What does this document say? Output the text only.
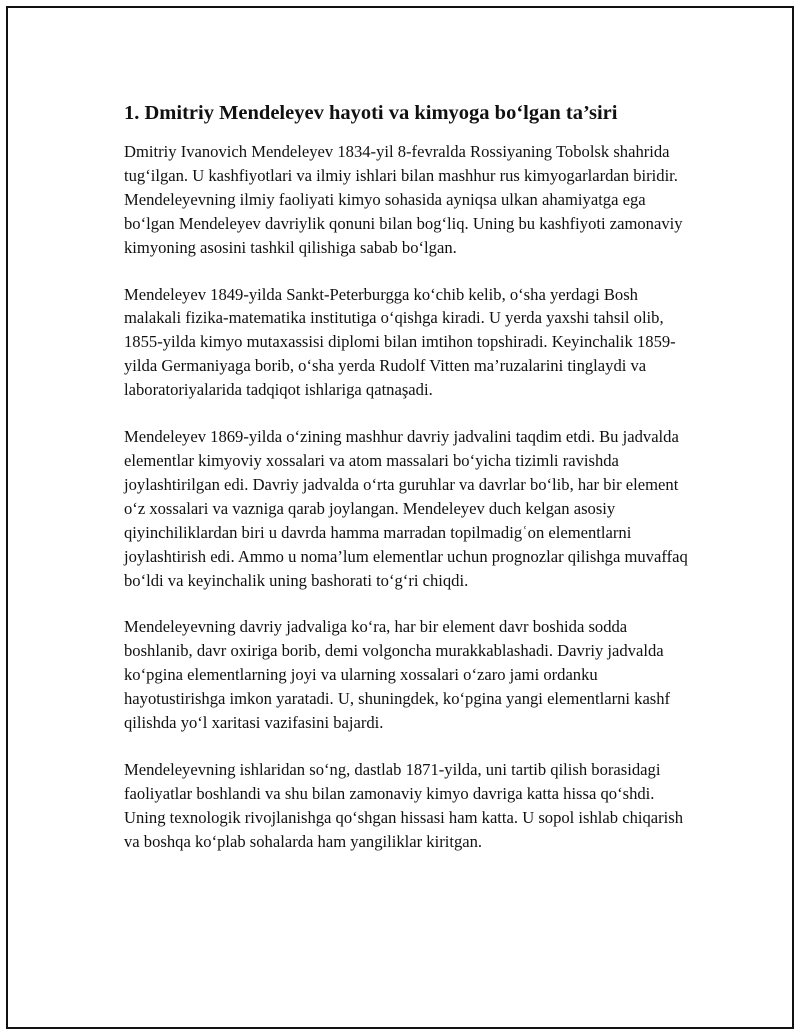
1. Dmitriy Mendeleyev hayoti va kimyoga bo‘lgan ta’siri

Dmitriy Ivanovich Mendeleyev 1834-yil 8-fevralda Rossiyaning Tobolsk shahrida tug‘ilgan. U kashfiyotlari va ilmiy ishlari bilan mashhur rus kimyogarlardan biridir. Mendeleyevning ilmiy faoliyati kimyo sohasida ayniqsa ulkan ahamiyatga ega bo‘lgan Mendeleyev davriylik qonuni bilan bog‘liq. Uning bu kashfiyoti zamonaviy kimyoning asosini tashkil qilishiga sabab bo‘lgan.

Mendeleyev 1849-yilda Sankt-Peterburgga ko‘chib kelib, o‘sha yerdagi Bosh malakali fizika-matematika institutiga o‘qishga kiradi. U yerda yaxshi tahsil olib, 1855-yilda kimyo mutaxassisi diplomi bilan imtihon topshiradi. Keyinchalik 1859-yilda Germaniyaga borib, o‘sha yerda Rudolf Vitten ma’ruzalarini tinglaydi va laboratoriyalarida tadqiqot ishlariga qatnaşadi.

Mendeleyev 1869-yilda o‘zining mashhur davriy jadvalini taqdim etdi. Bu jadvalda elementlar kimyoviy xossalari va atom massalari bo‘yicha tizimli ravishda joylashtirilgan edi. Davriy jadvalda o‘rta guruhlar va davrlar bo‘lib, har bir element o‘z xossalari va vazniga qarab joylangan. Mendeleyev duch kelgan asosiy qiyinchiliklardan biri u davrda hamma marradan topilmadigʿon elementlarni joylashtirish edi. Ammo u noma’lum elementlar uchun prognozlar qilishga muvaffaq bo‘ldi va keyinchalik uning bashorati to‘g‘ri chiqdi.

Mendeleyevning davriy jadvaliga ko‘ra, har bir element davr boshida sodda boshlanib, davr oxiriga borib, demi volgoncha murakkablashadi. Davriy jadvalda ko‘pgina elementlarning joyi va ularning xossalari o‘zaro jami ordanku hayotustirishga imkon yaratadi. U, shuningdek, ko‘pgina yangi elementlarni kashf qilishda yo‘l xaritasi vazifasini bajardi.

Mendeleyevning ishlaridan so‘ng, dastlab 1871-yilda, uni tartib qilish borasidagi faoliyatlar boshlandi va shu bilan zamonaviy kimyo davriga katta hissa qo‘shdi. Uning texnologik rivojlanishga qo‘shgan hissasi ham katta. U sopol ishlab chiqarish va boshqa ko‘plab sohalarda ham yangiliklar kiritgan.
